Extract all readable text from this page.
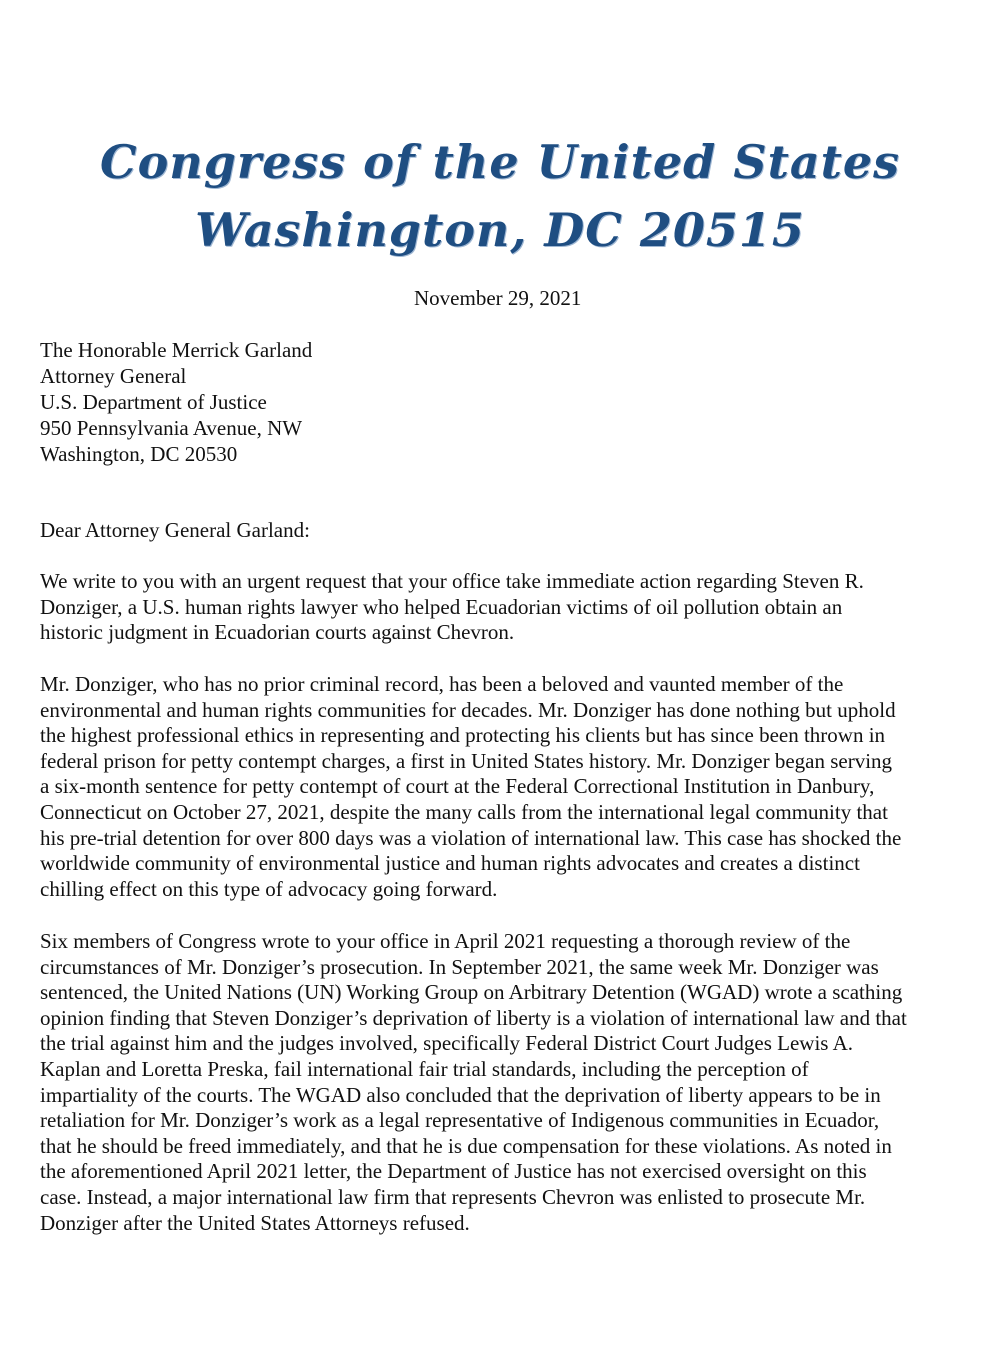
Congress of the United States
Washington, DC 20515
November 29, 2021
The Honorable Merrick Garland
Attorney General
U.S. Department of Justice
950 Pennsylvania Avenue, NW
Washington, DC 20530
Dear Attorney General Garland:
We write to you with an urgent request that your office take immediate action regarding Steven R.
Donziger, a U.S. human rights lawyer who helped Ecuadorian victims of oil pollution obtain an
historic judgment in Ecuadorian courts against Chevron.
Mr. Donziger, who has no prior criminal record, has been a beloved and vaunted member of the
environmental and human rights communities for decades. Mr. Donziger has done nothing but uphold
the highest professional ethics in representing and protecting his clients but has since been thrown in
federal prison for petty contempt charges, a first in United States history. Mr. Donziger began serving
a six-month sentence for petty contempt of court at the Federal Correctional Institution in Danbury,
Connecticut on October 27, 2021, despite the many calls from the international legal community that
his pre-trial detention for over 800 days was a violation of international law. This case has shocked the
worldwide community of environmental justice and human rights advocates and creates a distinct
chilling effect on this type of advocacy going forward.
Six members of Congress wrote to your office in April 2021 requesting a thorough review of the
circumstances of Mr. Donziger’s prosecution. In September 2021, the same week Mr. Donziger was
sentenced, the United Nations (UN) Working Group on Arbitrary Detention (WGAD) wrote a scathing
opinion finding that Steven Donziger’s deprivation of liberty is a violation of international law and that
the trial against him and the judges involved, specifically Federal District Court Judges Lewis A.
Kaplan and Loretta Preska, fail international fair trial standards, including the perception of
impartiality of the courts. The WGAD also concluded that the deprivation of liberty appears to be in
retaliation for Mr. Donziger’s work as a legal representative of Indigenous communities in Ecuador,
that he should be freed immediately, and that he is due compensation for these violations. As noted in
the aforementioned April 2021 letter, the Department of Justice has not exercised oversight on this
case. Instead, a major international law firm that represents Chevron was enlisted to prosecute Mr.
Donziger after the United States Attorneys refused.
